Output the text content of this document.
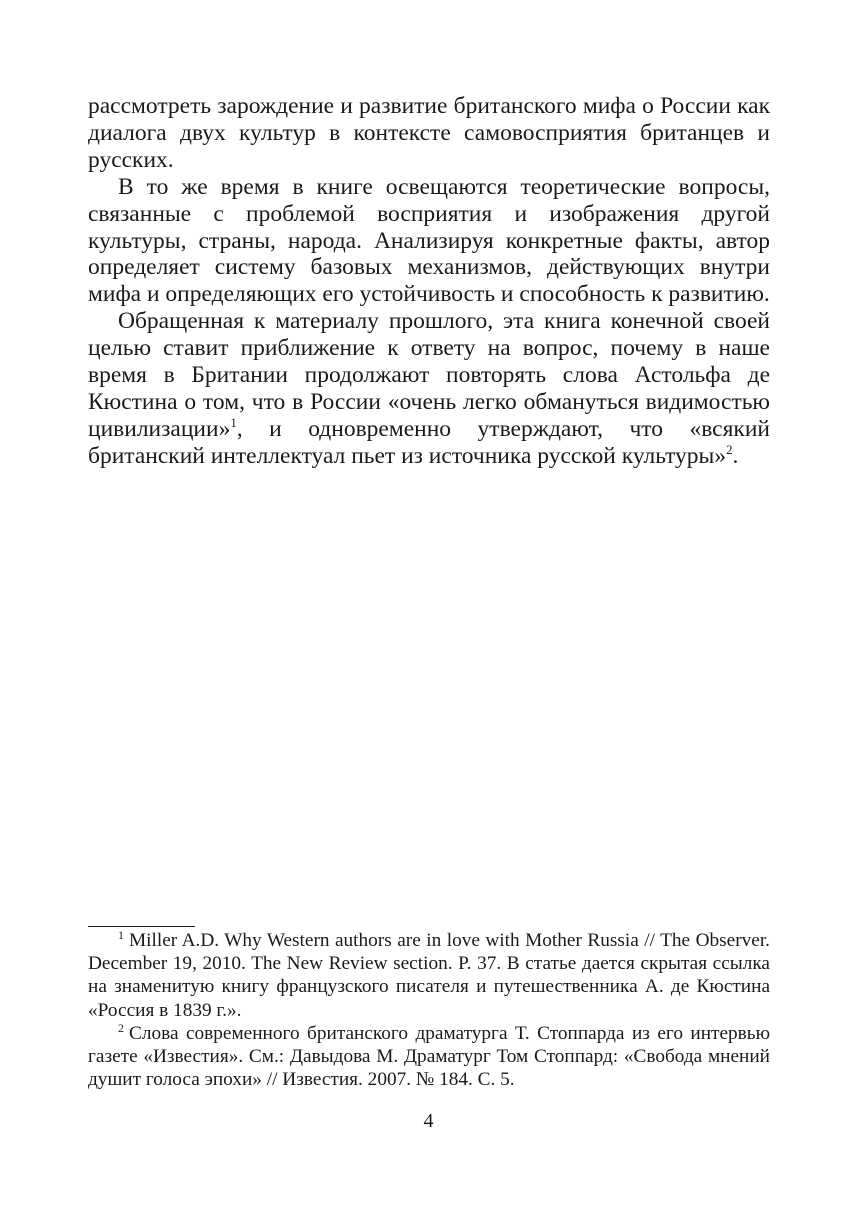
рассмотреть зарождение и развитие британского мифа о России как диалога двух культур в контексте самовосприятия британцев и русских.

В то же время в книге освещаются теоретические вопросы, связанные с проблемой восприятия и изображения другой культуры, страны, народа. Анализируя конкретные факты, автор определяет систему базовых механизмов, действующих внутри мифа и определяющих его устойчивость и способность к развитию.

Обращенная к материалу прошлого, эта книга конечной своей целью ставит приближение к ответу на вопрос, почему в наше время в Британии продолжают повторять слова Астольфа де Кюстина о том, что в России «очень легко обмануться видимостью цивилизации»$^1$, и одновременно утверждают, что «всякий британский интеллектуал пьет из источника русской культуры»$^2$.

$^1$ Miller A.D. Why Western authors are in love with Mother Russia // The Observer. December 19, 2010. The New Review section. P. 37. В статье дается скрытая ссылка на знаменитую книгу французского писателя и путешественника А. де Кюстина «Россия в 1839 г.».

$^2$ Слова современного британского драматурга Т. Стоппарда из его интервью газете «Известия». См.: Давыдова М. Драматург Том Стоппард: «Свобода мнений душит голоса эпохи» // Известия. 2007. № 184. С. 5.

4
